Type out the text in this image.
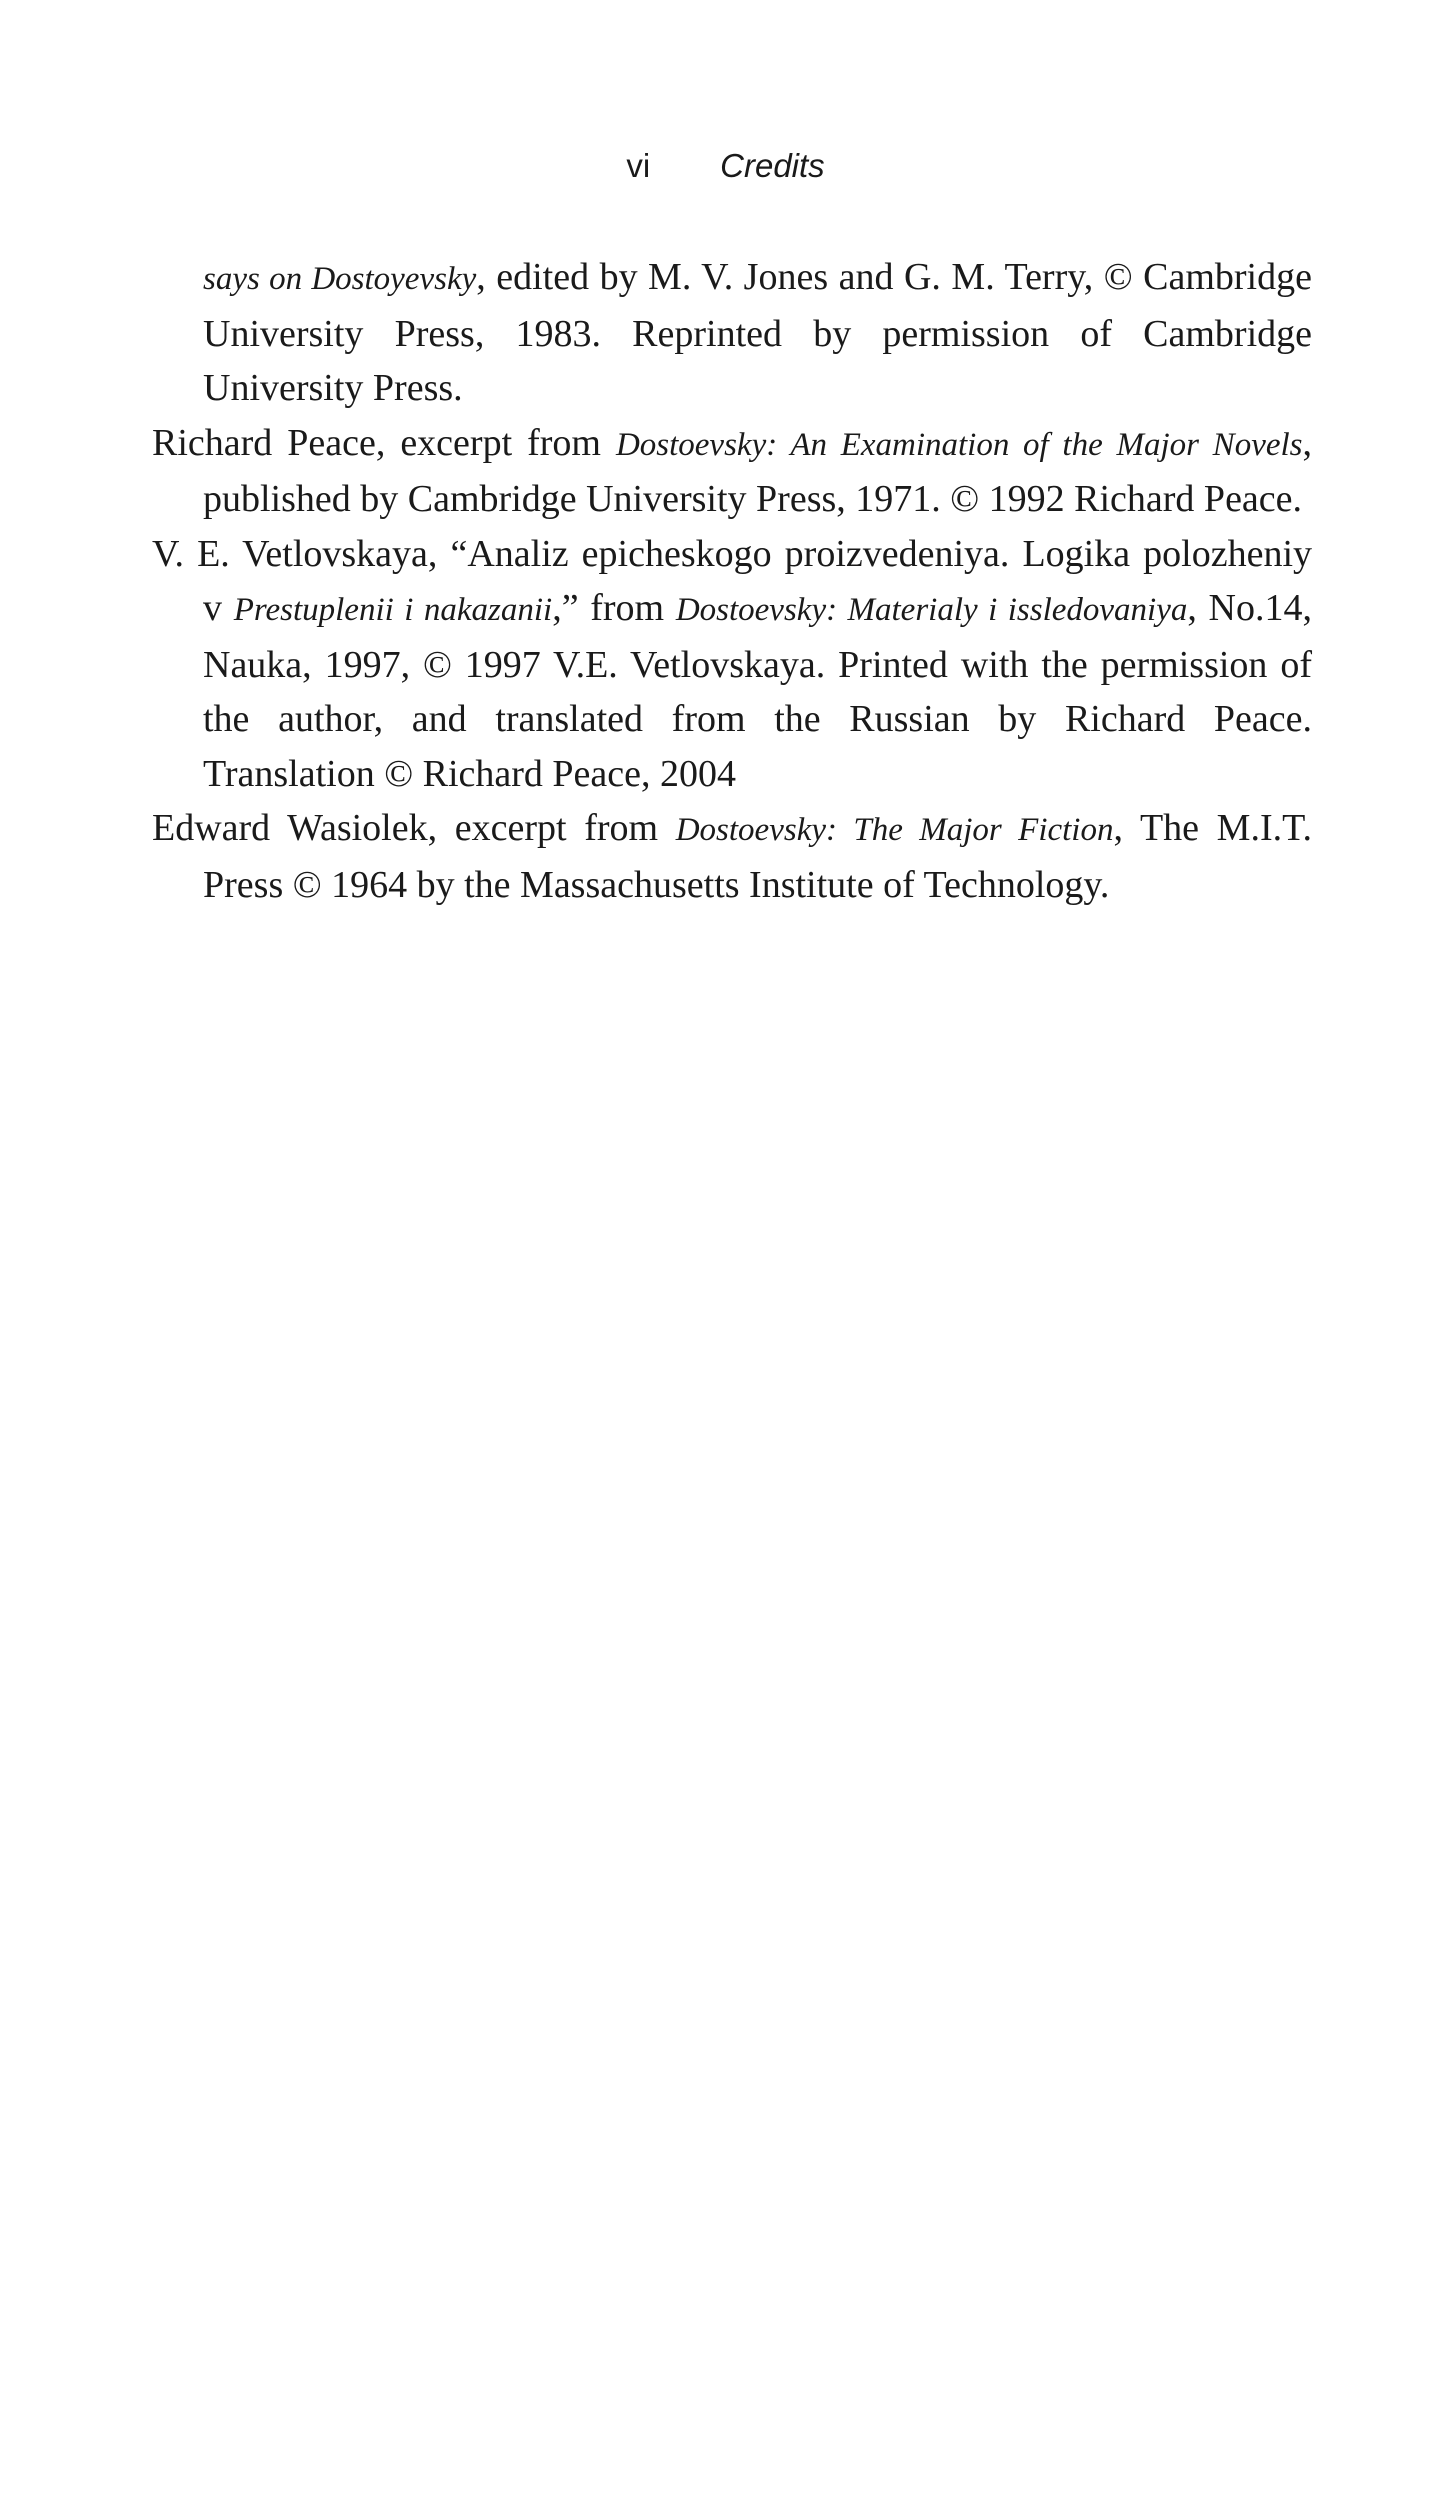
vi Credits

says on Dostoyevsky, edited by M. V. Jones and G. M. Terry, © Cambridge University Press, 1983. Reprinted by permission of Cambridge University Press.

Richard Peace, excerpt from Dostoevsky: An Examination of the Major Novels, published by Cambridge University Press, 1971. © 1992 Richard Peace.

V. E. Vetlovskaya, “Analiz epicheskogo proizvedeniya. Logika polozheniy v Prestuplenii i nakazanii,” from Dostoevsky: Materialy i issledovaniya, No.14, Nauka, 1997, © 1997 V.E. Vetlovskaya. Printed with the permission of the author, and translated from the Russian by Richard Peace. Translation © Richard Peace, 2004

Edward Wasiolek, excerpt from Dostoevsky: The Major Fiction, The M.I.T. Press © 1964 by the Massachusetts Institute of Technology.
